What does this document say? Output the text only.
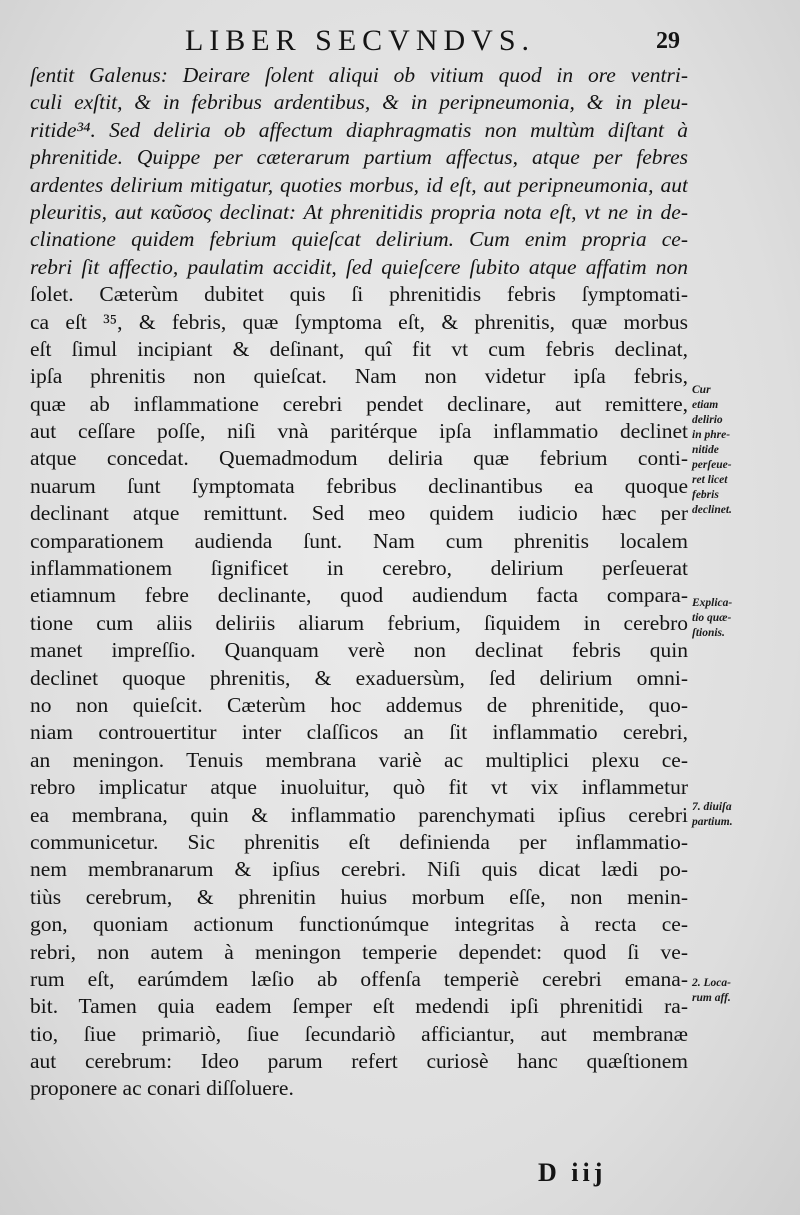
LIBER SECVNDVS.	29
ſentit Galenus: Deirare ſolent aliqui ob vitium quod in ore ventri-
culi exſtit, & in febribus ardentibus, & in peripneumonia, & in pleu-
ritide³⁴. Sed deliria ob affectum diaphragmatis non multùm diſtant à
phrenitide. Quippe per cæterarum partium affectus, atque per febres
ardentes delirium mitigatur, quoties morbus, id eſt, aut peripneumonia, aut
pleuritis, aut καῦσος declinat: At phrenitidis propria nota eſt, vt ne in de-
clinatione quidem febrium quieſcat delirium. Cum enim propria ce-
rebri ſit affectio, paulatim accidit, ſed quieſcere ſubito atque affatim non
ſolet. Cæterùm dubitet quis ſi phrenitidis febris ſymptomati-
ca eſt ³⁵, & febris, quæ ſymptoma eſt, & phrenitis, quæ morbus
eſt ſimul incipiant & deſinant, quî fit vt cum febris declinat,
ipſa phrenitis non quieſcat. Nam non videtur ipſa febris,
quæ ab inflammatione cerebri pendet declinare, aut remittere,
aut ceſſare poſſe, niſi vnà paritérque ipſa inflammatio declinet
atque concedat. Quemadmodum deliria quæ febrium conti-
nuarum ſunt ſymptomata febribus declinantibus ea quoque
declinant atque remittunt. Sed meo quidem iudicio hæc per
comparationem audienda ſunt. Nam cum phrenitis localem
inflammationem ſignificet in cerebro, delirium perſeuerat
etiamnum febre declinante, quod audiendum facta compara-
tione cum aliis deliriis aliarum febrium, ſiquidem in cerebro
manet impreſſio. Quanquam verè non declinat febris quin
declinet quoque phrenitis, & exaduersùm, ſed delirium omni-
no non quieſcit. Cæterùm hoc addemus de phrenitide, quo-
niam controuertitur inter claſſicos an ſit inflammatio cerebri,
an meningon. Tenuis membrana variè ac multiplici plexu ce-
rebro implicatur atque inuoluitur, quò fit vt vix inflammetur
ea membrana, quin & inflammatio parenchymati ipſius cerebri
communicetur. Sic phrenitis eſt definienda per inflammatio-
nem membranarum & ipſius cerebri. Niſi quis dicat lædi po-
tiùs cerebrum, & phrenitin huius morbum eſſe, non menin-
gon, quoniam actionum functionúmque integritas à recta ce-
rebri, non autem à meningon temperie dependet: quod ſi ve-
rum eſt, earúmdem læſio ab offenſa temperiè cerebri emana-
bit. Tamen quia eadem ſemper eſt medendi ipſi phrenitidi ra-
tio, ſiue primariò, ſiue ſecundariò afficiantur, aut membranæ
aut cerebrum: Ideo parum refert curiosè hanc quæſtionem
proponere ac conari diſſoluere.
Cur
etiam
delirio
in phre-
nitide
perſeue-
ret licet
febris
declinet.
Explica-
tio quæ-
ſtionis.
7. diuiſa
partium.
2. Loca-
rum aff.
D iij
